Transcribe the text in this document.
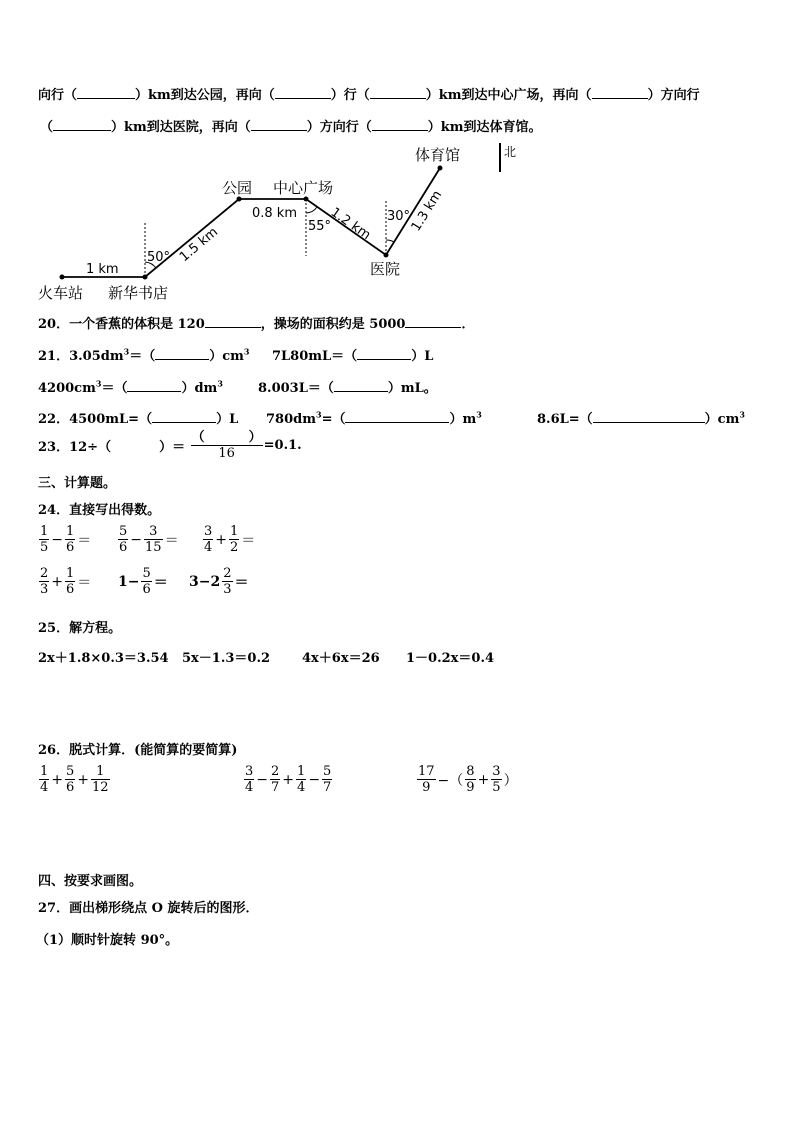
向行（	）km到达公园，再向（	）行（	）km到达中心广场，再向（	）方向行
（	）km到达医院，再向（	）方向行（	）km到达体育馆。
北
火车站 新华书店
公园 中心广场
医院
体育馆
1 km
1.5 km
0.8 km 1.2 km	1.3 km
50°
55°
30°
20．一个香蕉的体积是 120	，操场的面积约是 5000	．
21．$3.05dm^3=$（	）$cm^3$ 7L80mL＝（	）L
$4200cm^3=$（	）$dm^3$	8.003L＝（	）mL。
22．4500mL=（	）L $780dm^3=$（	）$m^3$	8.6L=（	）$cm^3$
23．12÷（	）＝ （	）
16 =0.1.
三、计算题。
24．直接写出得数。
$\frac{1}{5} - \frac{1}{6} = \frac{5}{6} - \frac{3}{15} = \frac{3}{4} + \frac{1}{2}$ ＝
$\frac{2}{3} + \frac{1}{6} = 1- \frac{5}{6} = 3-2 \frac{2}{3}$ ＝
25．解方程。
2x＋1.8×0.3＝3.54 5x－1.3＝0.2 4x＋6x＝26 1－0.2x＝0.4
26．脱式计算．(能简算的要简算)
$\frac{1}{4} + \frac{5}{6} + \frac{1}{12}$	$\frac{3}{4} - \frac{2}{7} + \frac{1}{4} - \frac{5}{7}$	$\frac{17}{9}$ −（ $\frac{8}{9} + \frac{3}{5}$ ）
四、按要求画图。
27．画出梯形绕点 O 旋转后的图形．
（1）顺时针旋转 90°。
